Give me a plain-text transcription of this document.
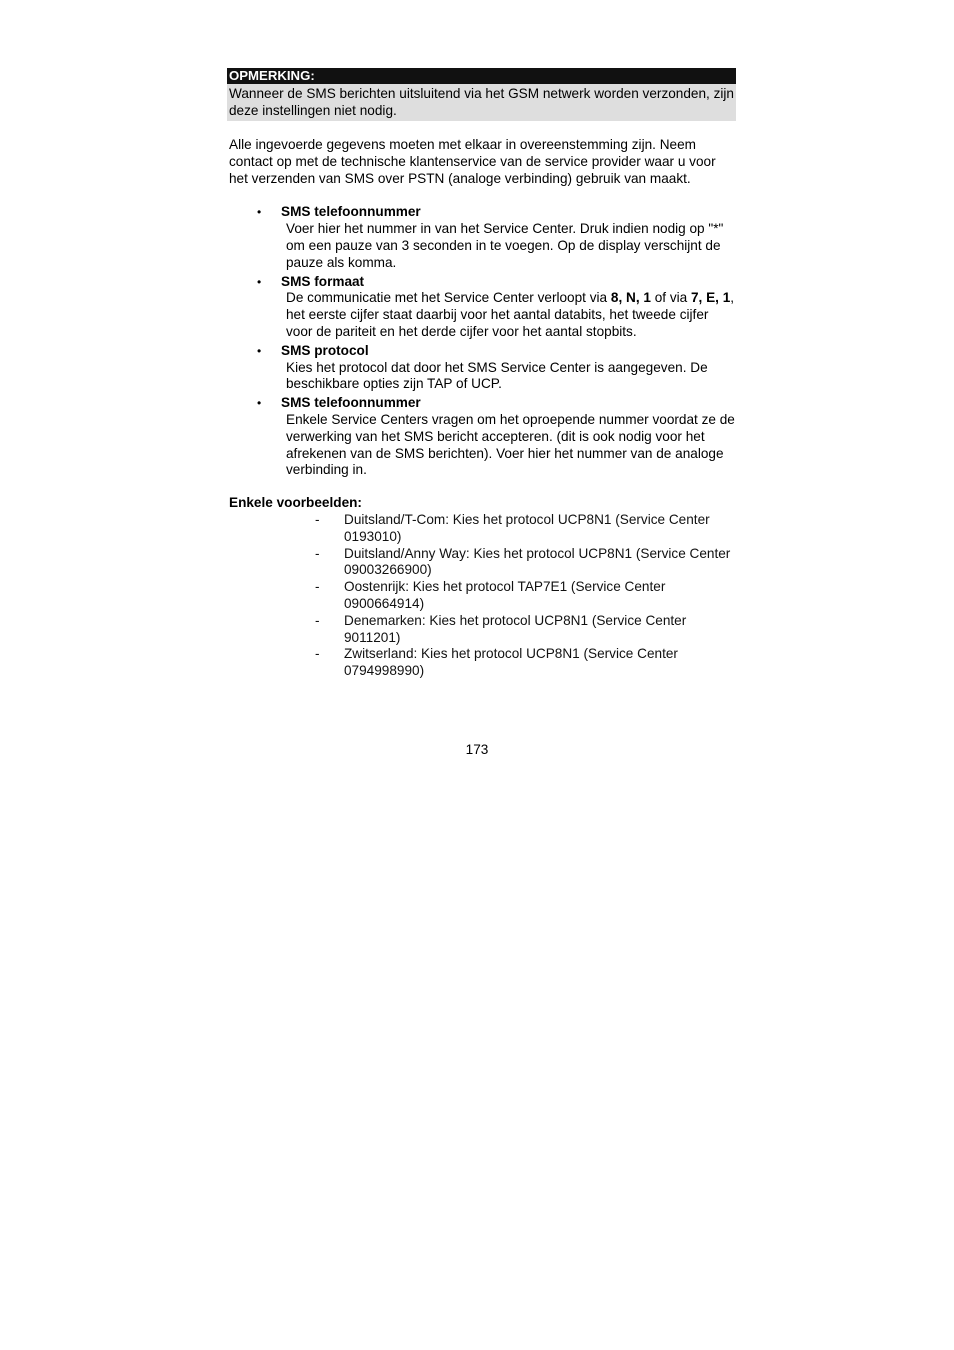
OPMERKING:
Wanneer de SMS berichten uitsluitend via het GSM netwerk worden verzonden, zijn deze instellingen niet nodig.

Alle ingevoerde gegevens moeten met elkaar in overeenstemming zijn. Neem contact op met de technische klantenservice van de service provider waar u voor het verzenden van SMS over PSTN (analoge verbinding) gebruik van maakt.

• SMS telefoonnummer
Voer hier het nummer in van het Service Center. Druk indien nodig op "*" om een pauze van 3 seconden in te voegen. Op de display verschijnt de pauze als komma.
• SMS formaat
De communicatie met het Service Center verloopt via 8, N, 1 of via 7, E, 1, het eerste cijfer staat daarbij voor het aantal databits, het tweede cijfer voor de pariteit en het derde cijfer voor het aantal stopbits.
• SMS protocol
Kies het protocol dat door het SMS Service Center is aangegeven. De beschikbare opties zijn TAP of UCP.
• SMS telefoonnummer
Enkele Service Centers vragen om het oproepende nummer voordat ze de verwerking van het SMS bericht accepteren. (dit is ook nodig voor het afrekenen van de SMS berichten). Voer hier het nummer van de analoge verbinding in.
Enkele voorbeelden:
- Duitsland/T-Com: Kies het protocol UCP8N1 (Service Center 0193010)
- Duitsland/Anny Way: Kies het protocol UCP8N1 (Service Center 09003266900)
- Oostenrijk: Kies het protocol TAP7E1 (Service Center 0900664914)
- Denemarken: Kies het protocol UCP8N1 (Service Center 9011201)
- Zwitserland: Kies het protocol UCP8N1 (Service Center 0794998990)
173
